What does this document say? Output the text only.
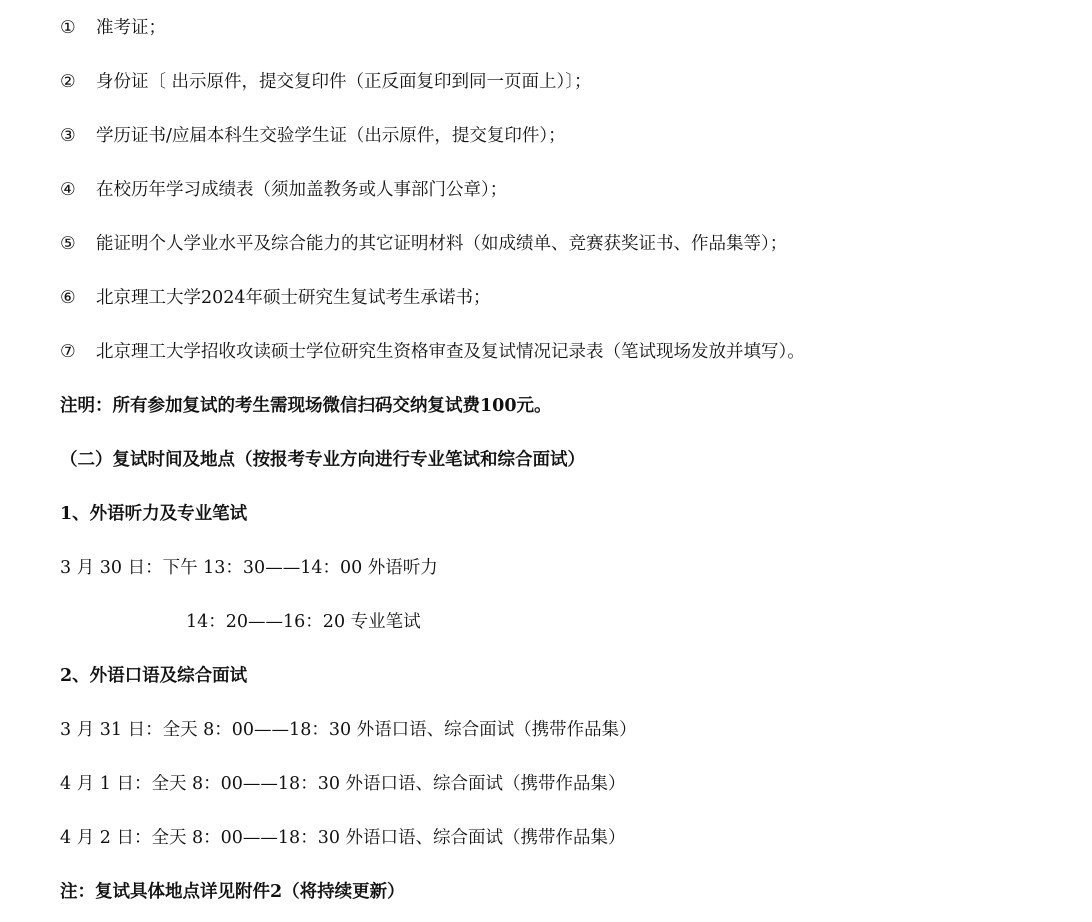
① 准考证；
② 身份证〔 出示原件，提交复印件（正反面复印到同一页面上）〕；
③ 学历证书/应届本科生交验学生证（出示原件，提交复印件）；
④ 在校历年学习成绩表（须加盖教务或人事部门公章）；
⑤ 能证明个人学业水平及综合能力的其它证明材料（如成绩单、竞赛获奖证书、作品集等）；
⑥ 北京理工大学2024年硕士研究生复试考生承诺书；
⑦ 北京理工大学招收攻读硕士学位研究生资格审查及复试情况记录表（笔试现场发放并填写）。
注明：所有参加复试的考生需现场微信扫码交纳复试费100元。
（二）复试时间及地点（按报考专业方向进行专业笔试和综合面试）
1、外语听力及专业笔试
3 月 30 日：下午 13：30——14：00 外语听力
14：20——16：20 专业笔试
2、外语口语及综合面试
3 月 31 日：全天 8：00——18：30 外语口语、综合面试（携带作品集）
4 月 1 日：全天 8：00——18：30 外语口语、综合面试（携带作品集）
4 月 2 日：全天 8：00——18：30 外语口语、综合面试（携带作品集）
注：复试具体地点详见附件2（将持续更新）
